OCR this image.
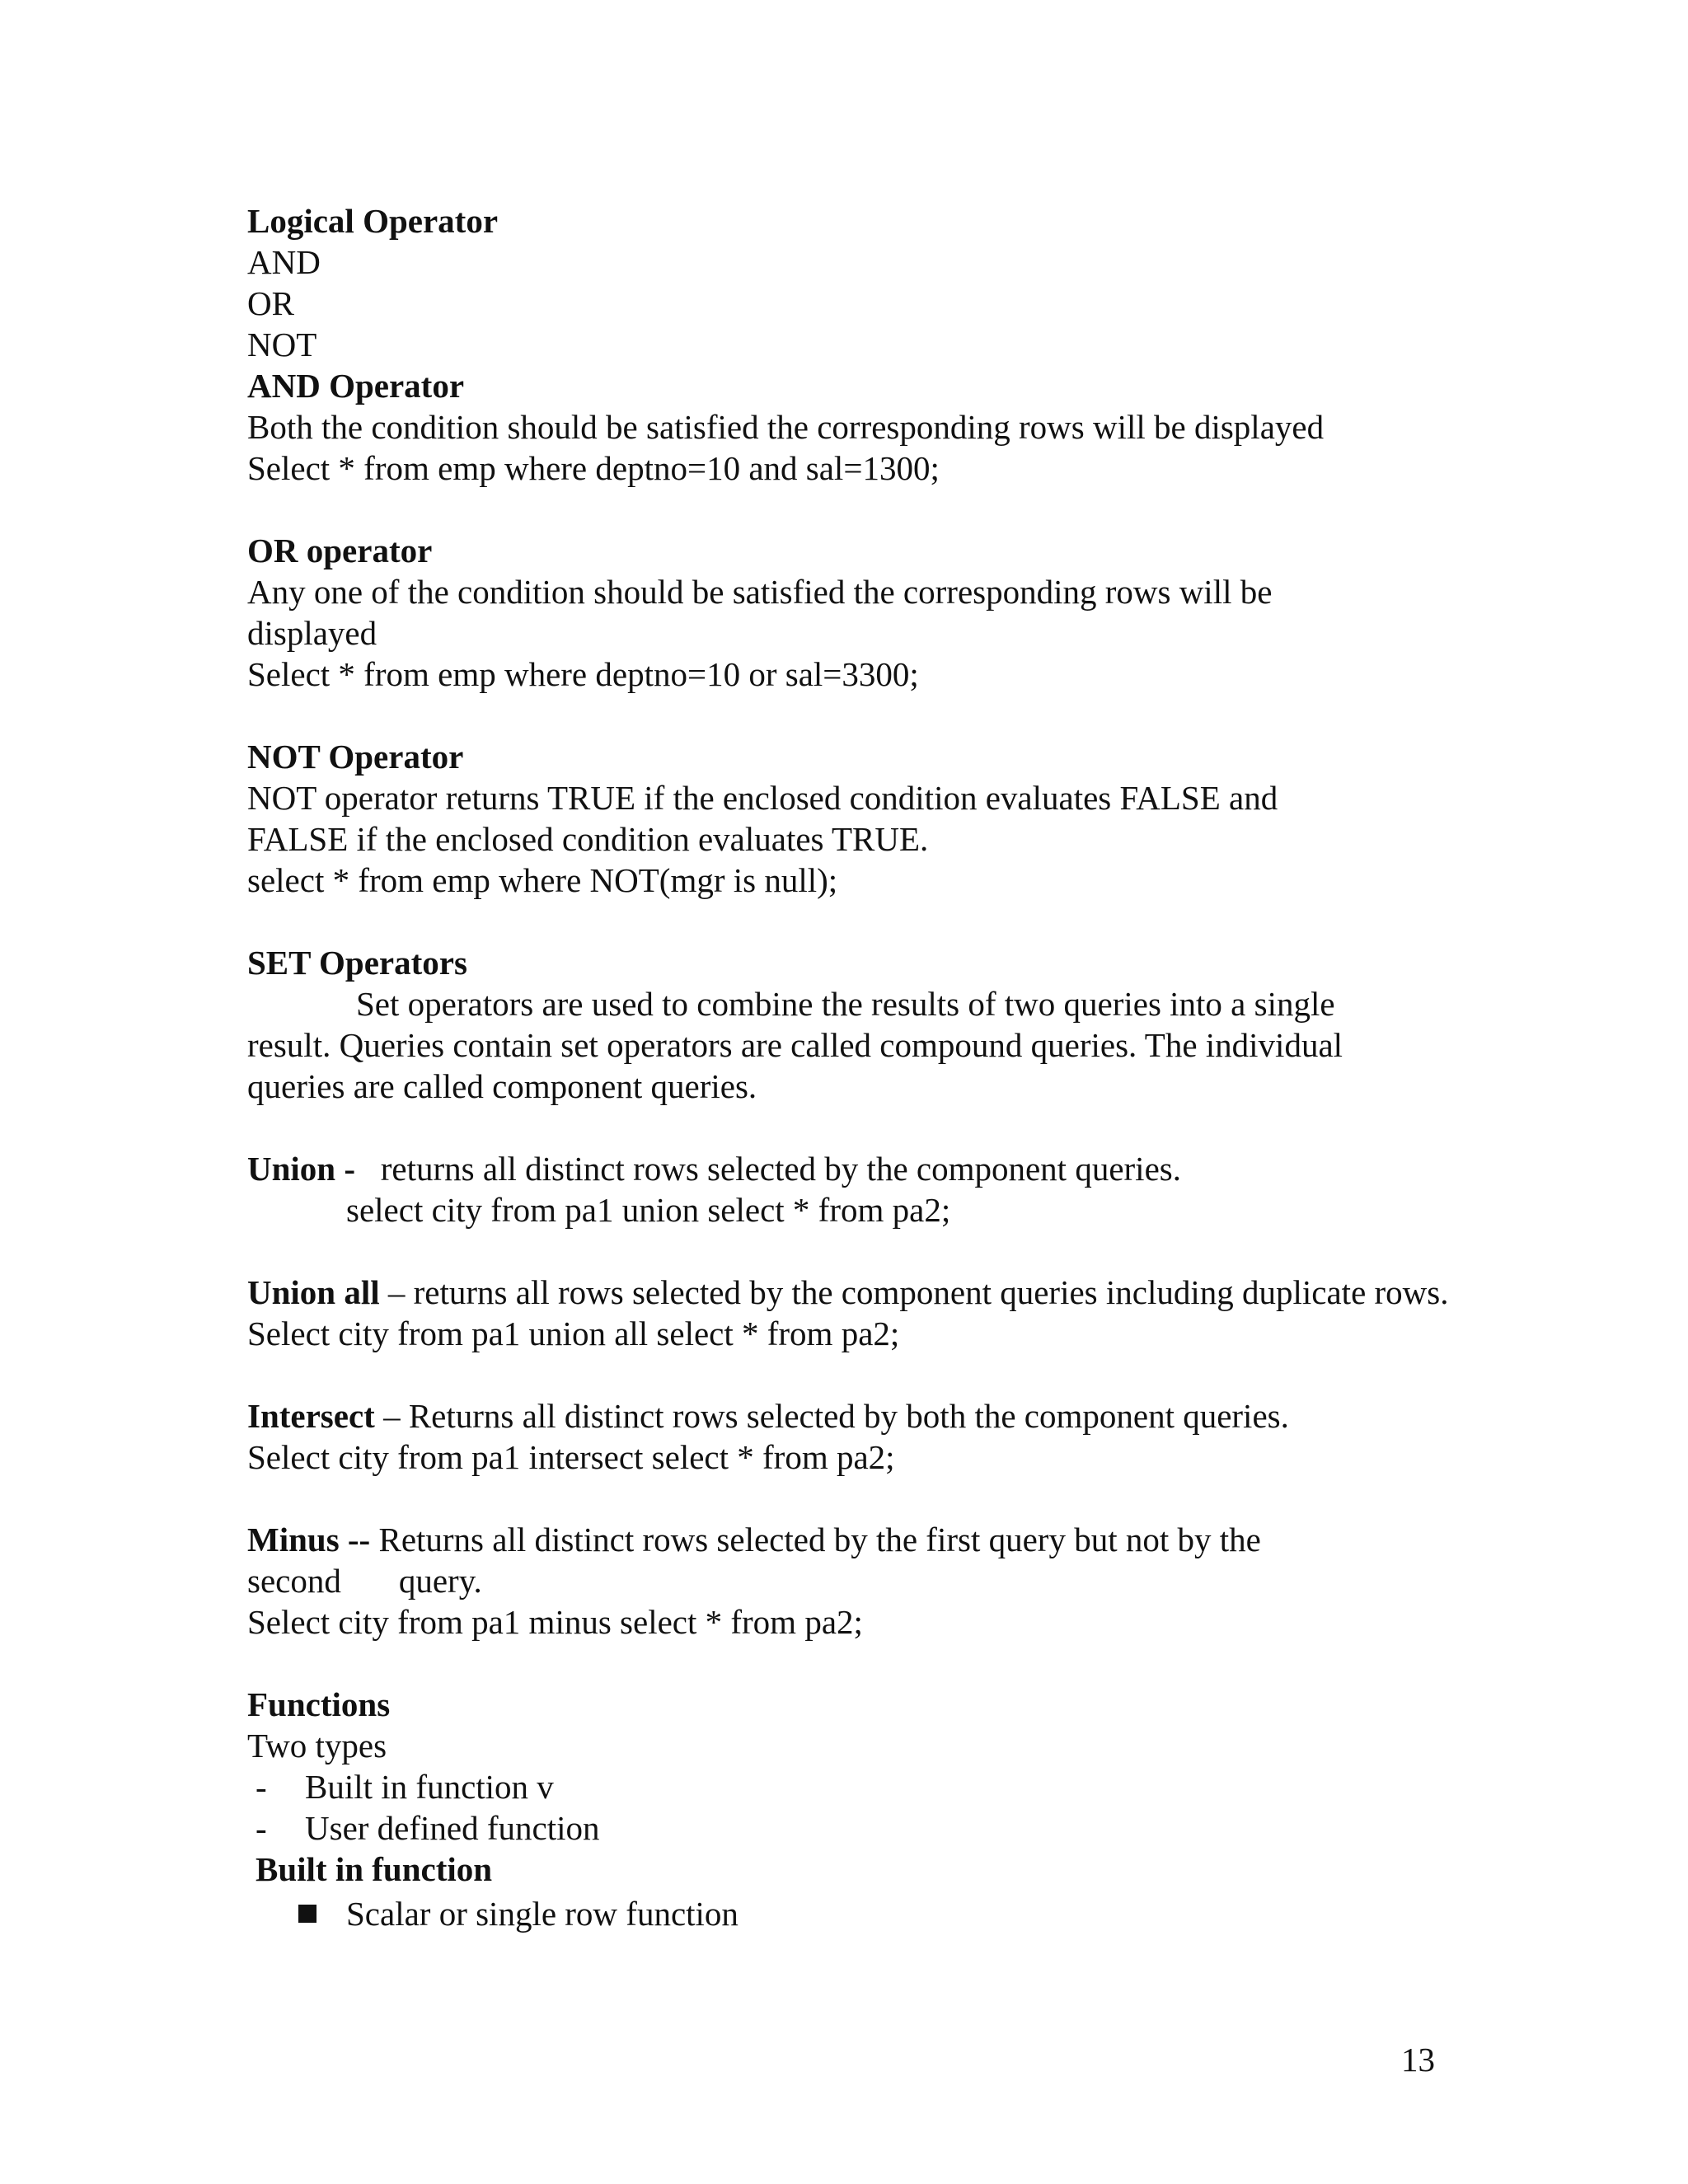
Logical Operator
AND
OR
NOT
AND Operator
Both the condition should be satisfied the corresponding rows will be displayed
Select * from emp where deptno=10 and sal=1300;
OR operator
Any one of the condition should be satisfied the corresponding rows will be displayed
Select * from emp where deptno=10 or sal=3300;
NOT Operator
NOT operator returns TRUE if the enclosed condition evaluates FALSE and FALSE if the enclosed condition evaluates TRUE.
select * from emp where NOT(mgr is null);
SET Operators
Set operators are used to combine the results of two queries into a single result. Queries contain set operators are called compound queries. The individual queries are called component queries.
Union - returns all distinct rows selected by the component queries.
select city from pa1 union select * from pa2;
Union all – returns all rows selected by the component queries including duplicate rows.
Select city from pa1 union all select * from pa2;
Intersect – Returns all distinct rows selected by both the component queries.
Select city from pa1 intersect select * from pa2;
Minus -- Returns all distinct rows selected by the first query but not by the
second query.
Select city from pa1 minus select * from pa2;
Functions
Two types
- Built in function v
- User defined function
Built in function
Scalar or single row function
13
